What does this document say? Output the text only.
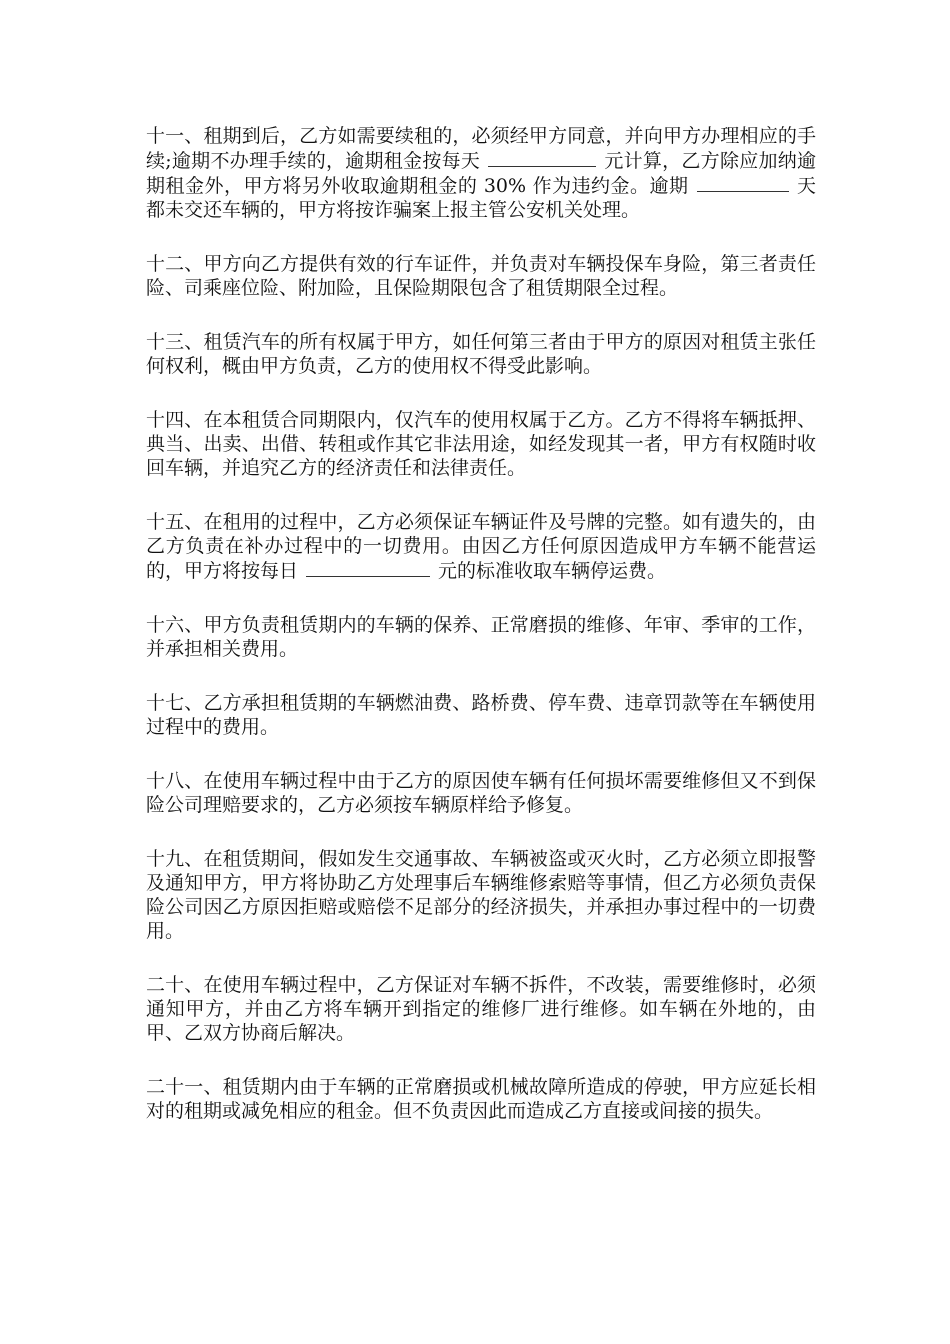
十一、租期到后，乙方如需要续租的，必须经甲方同意，并向甲方办理相应的手续;逾期不办理手续的，逾期租金按每天	元计算，乙方除应加纳逾期租金外，甲方将另外收取逾期租金的 30% 作为违约金。逾期	天都未交还车辆的，甲方将按诈骗案上报主管公安机关处理。

十二、甲方向乙方提供有效的行车证件，并负责对车辆投保车身险，第三者责任险、司乘座位险、附加险，且保险期限包含了租赁期限全过程。

十三、租赁汽车的所有权属于甲方，如任何第三者由于甲方的原因对租赁主张任何权利，概由甲方负责，乙方的使用权不得受此影响。

十四、在本租赁合同期限内，仅汽车的使用权属于乙方。乙方不得将车辆抵押、典当、出卖、出借、转租或作其它非法用途，如经发现其一者，甲方有权随时收回车辆，并追究乙方的经济责任和法律责任。

十五、在租用的过程中，乙方必须保证车辆证件及号牌的完整。如有遗失的，由乙方负责在补办过程中的一切费用。由因乙方任何原因造成甲方车辆不能营运的，甲方将按每日	元的标准收取车辆停运费。

十六、甲方负责租赁期内的车辆的保养、正常磨损的维修、年审、季审的工作，并承担相关费用。

十七、乙方承担租赁期的车辆燃油费、路桥费、停车费、违章罚款等在车辆使用过程中的费用。

十八、在使用车辆过程中由于乙方的原因使车辆有任何损坏需要维修但又不到保险公司理赔要求的，乙方必须按车辆原样给予修复。

十九、在租赁期间，假如发生交通事故、车辆被盗或灭火时，乙方必须立即报警及通知甲方，甲方将协助乙方处理事后车辆维修索赔等事情，但乙方必须负责保险公司因乙方原因拒赔或赔偿不足部分的经济损失，并承担办事过程中的一切费用。

二十、在使用车辆过程中，乙方保证对车辆不拆件，不改装，需要维修时，必须通知甲方，并由乙方将车辆开到指定的维修厂进行维修。如车辆在外地的，由甲、乙双方协商后解决。

二十一、租赁期内由于车辆的正常磨损或机械故障所造成的停驶，甲方应延长相对的租期或减免相应的租金。但不负责因此而造成乙方直接或间接的损失。
